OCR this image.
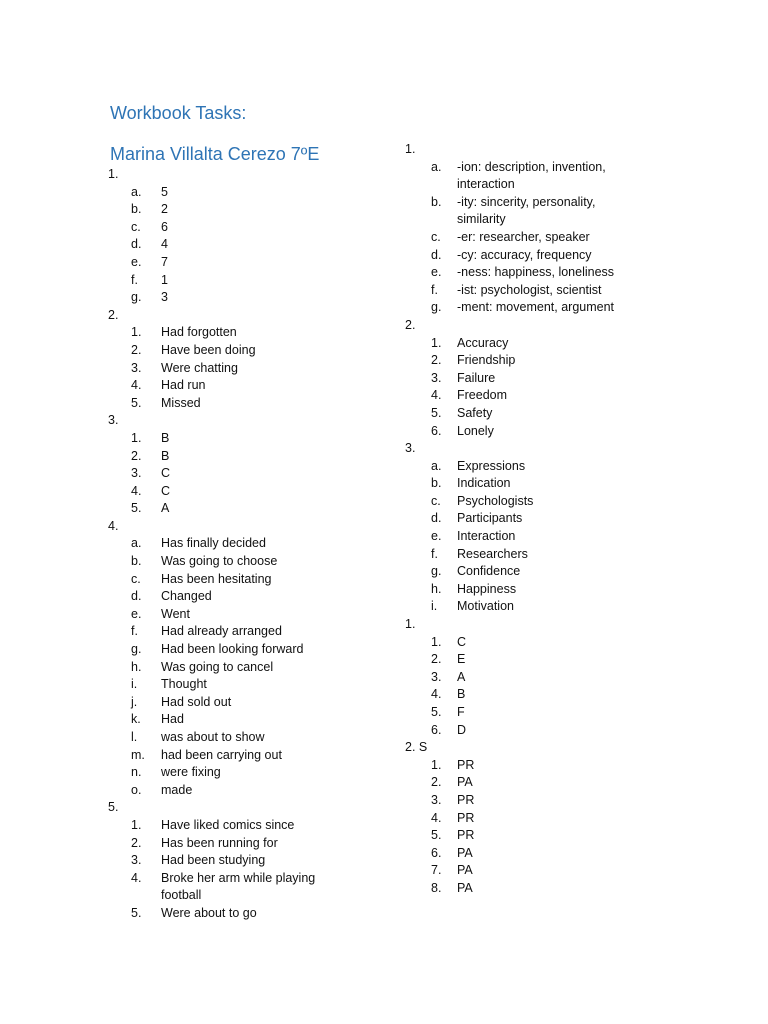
Workbook Tasks:
Marina Villalta Cerezo 7ºE
1.
a.	5
b.	2
c.	6
d.	4
e.	7
f.	1
g.	3
2.
1.	Had forgotten
2.	Have been doing
3.	Were chatting
4.	Had run
5.	Missed
3.
1.	B
2.	B
3.	C
4.	C
5.	A
4.
a.	Has finally decided
b.	Was going to choose
c.	Has been hesitating
d.	Changed
e.	Went
f.	Had already arranged
g.	Had been looking forward
h.	Was going to cancel
i.	Thought
j.	Had sold out
k.	Had
l.	was about to show
m.	had been carrying out
n.	were fixing
o.	made
5.
1.	Have liked comics since
2.	Has been running for
3.	Had been studying
4.	Broke her arm while playing football
5.	Were about to go
1.
a.	-ion: description, invention, interaction
b.	-ity: sincerity, personality, similarity
c.	-er: researcher, speaker
d.	-cy: accuracy, frequency
e.	-ness: happiness, loneliness
f.	-ist: psychologist, scientist
g.	-ment: movement, argument
2.
1.	Accuracy
2.	Friendship
3.	Failure
4.	Freedom
5.	Safety
6.	Lonely
3.
a.	Expressions
b.	Indication
c.	Psychologists
d.	Participants
e.	Interaction
f.	Researchers
g.	Confidence
h.	Happiness
i.	Motivation
1.
1.	C
2.	E
3.	A
4.	B
5.	F
6.	D
2. S
1.	PR
2.	PA
3.	PR
4.	PR
5.	PR
6.	PA
7.	PA
8.	PA
